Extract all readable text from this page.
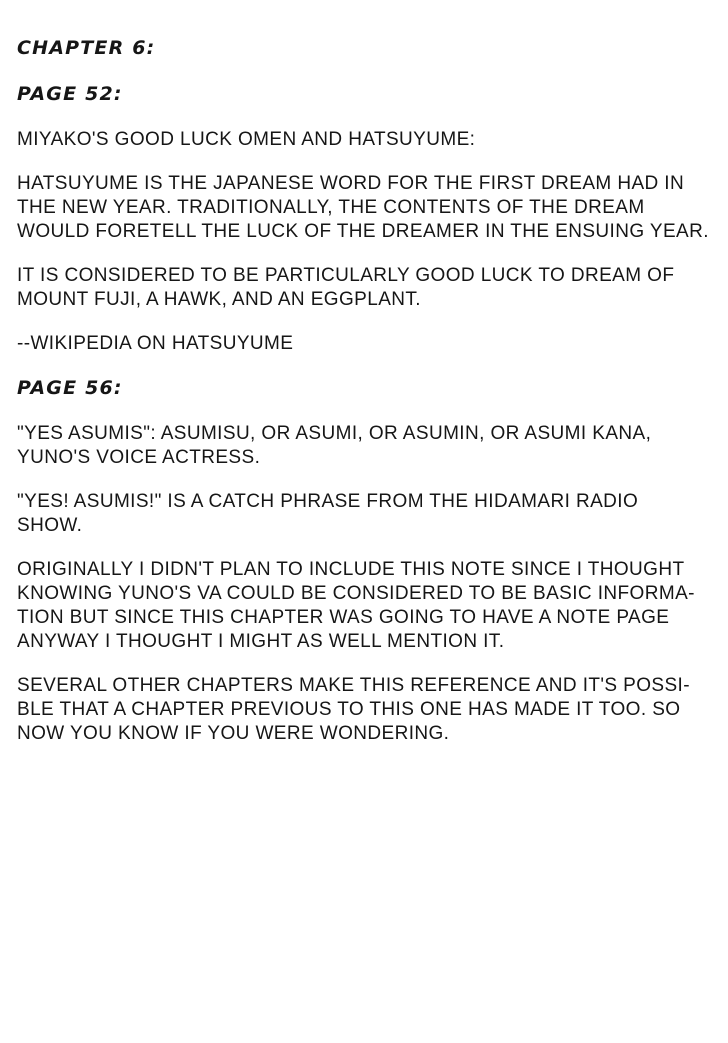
CHAPTER 6:
PAGE 52:

MIYAKO'S GOOD LUCK OMEN AND HATSUYUME:

HATSUYUME IS THE JAPANESE WORD FOR THE FIRST DREAM HAD IN
THE NEW YEAR. TRADITIONALLY, THE CONTENTS OF THE DREAM
WOULD FORETELL THE LUCK OF THE DREAMER IN THE ENSUING YEAR.

IT IS CONSIDERED TO BE PARTICULARLY GOOD LUCK TO DREAM OF
MOUNT FUJI, A HAWK, AND AN EGGPLANT.

--WIKIPEDIA ON HATSUYUME

PAGE 56:

"YES ASUMIS": ASUMISU, OR ASUMI, OR ASUMIN, OR ASUMI KANA,
YUNO'S VOICE ACTRESS.

"YES! ASUMIS!" IS A CATCH PHRASE FROM THE HIDAMARI RADIO
SHOW.

ORIGINALLY I DIDN'T PLAN TO INCLUDE THIS NOTE SINCE I THOUGHT
KNOWING YUNO'S VA COULD BE CONSIDERED TO BE BASIC INFORMA-
TION BUT SINCE THIS CHAPTER WAS GOING TO HAVE A NOTE PAGE
ANYWAY I THOUGHT I MIGHT AS WELL MENTION IT.

SEVERAL OTHER CHAPTERS MAKE THIS REFERENCE AND IT'S POSSI-
BLE THAT A CHAPTER PREVIOUS TO THIS ONE HAS MADE IT TOO. SO
NOW YOU KNOW IF YOU WERE WONDERING.
